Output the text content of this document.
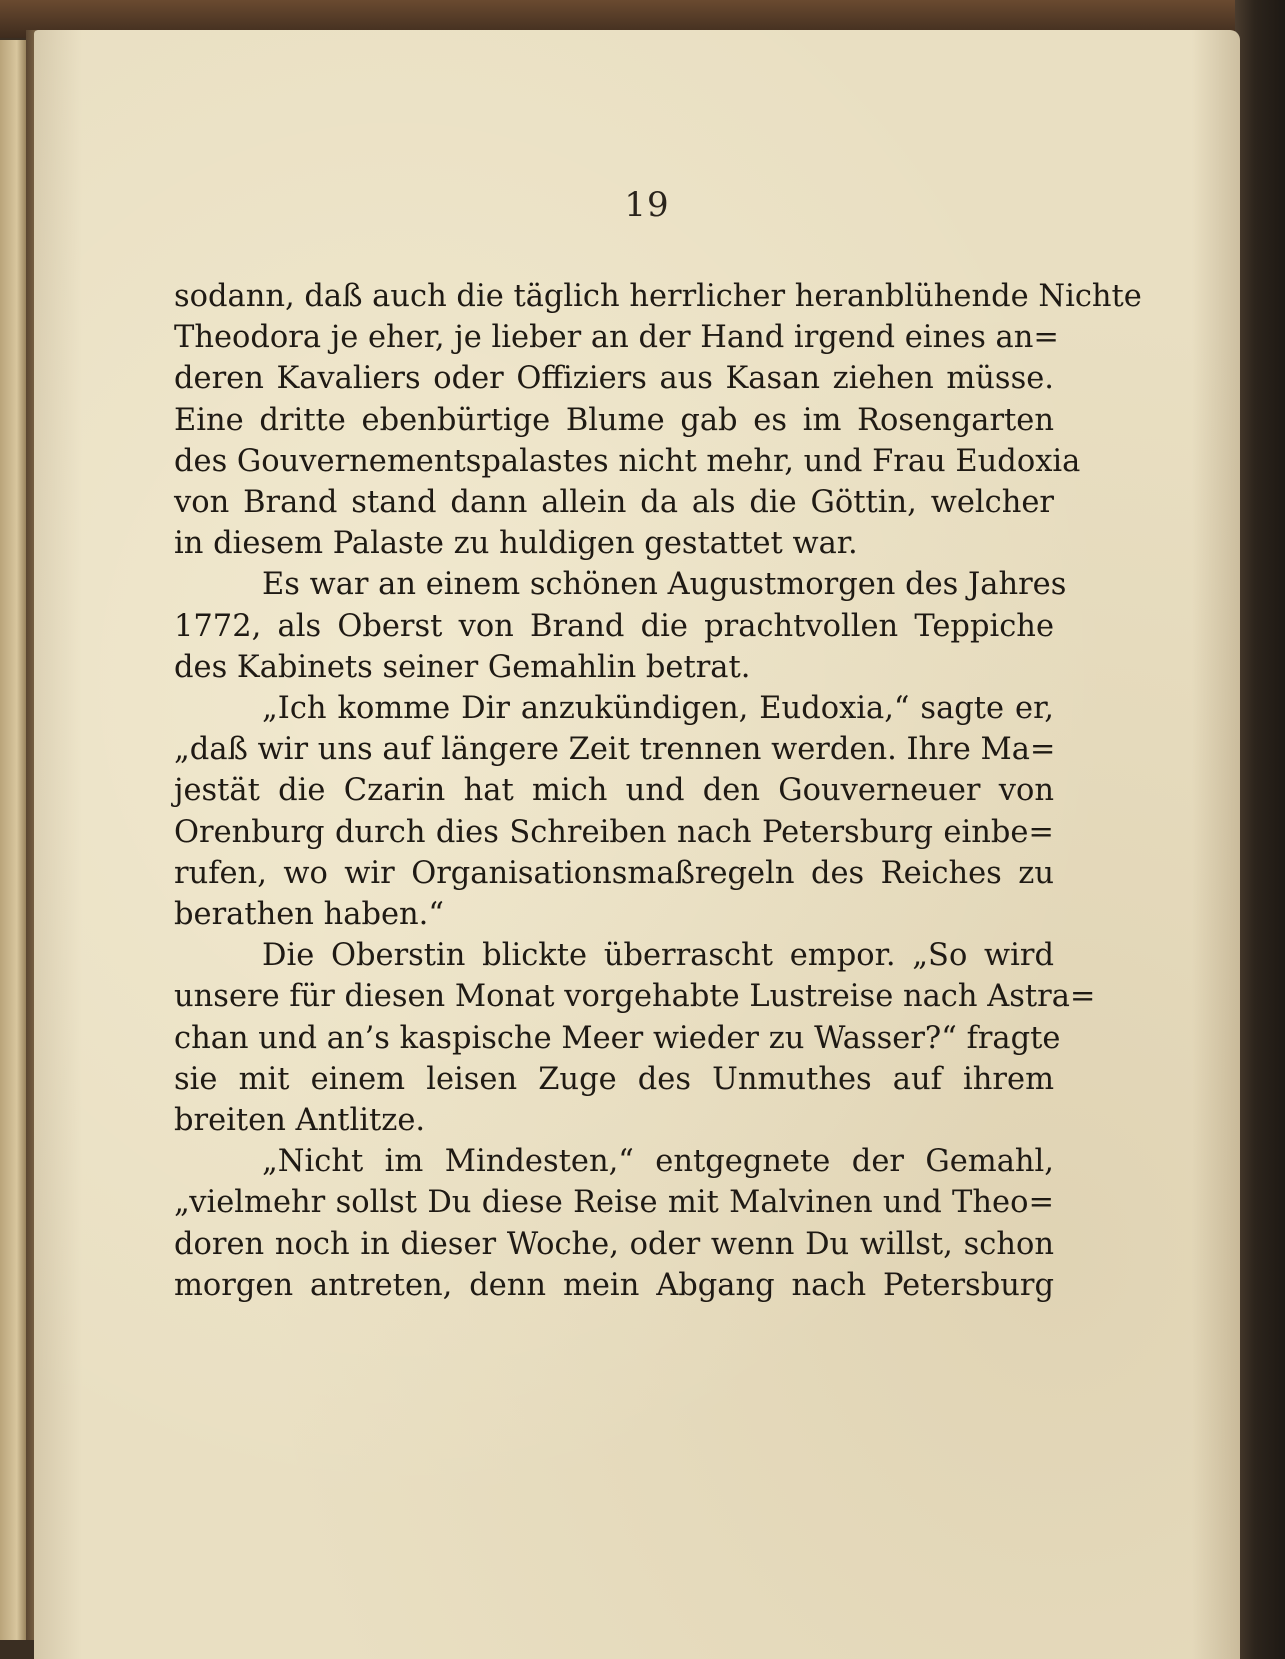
19
sodann, daß auch die täglich herrlicher heranblühende Nichte
Theodora je eher, je lieber an der Hand irgend eines an=
deren Kavaliers oder Offiziers aus Kasan ziehen müsse.
Eine dritte ebenbürtige Blume gab es im Rosengarten
des Gouvernementspalastes nicht mehr, und Frau Eudoxia
von Brand stand dann allein da als die Göttin, welcher
in diesem Palaste zu huldigen gestattet war.
Es war an einem schönen Augustmorgen des Jahres
1772, als Oberst von Brand die prachtvollen Teppiche
des Kabinets seiner Gemahlin betrat.
„Ich komme Dir anzukündigen, Eudoxia,“ sagte er,
„daß wir uns auf längere Zeit trennen werden. Ihre Ma=
jestät die Czarin hat mich und den Gouverneuer von
Orenburg durch dies Schreiben nach Petersburg einbe=
rufen, wo wir Organisationsmaßregeln des Reiches zu
berathen haben.“
Die Oberstin blickte überrascht empor. „So wird
unsere für diesen Monat vorgehabte Lustreise nach Astra=
chan und an’s kaspische Meer wieder zu Wasser?“ fragte
sie mit einem leisen Zuge des Unmuthes auf ihrem
breiten Antlitze.
„Nicht im Mindesten,“ entgegnete der Gemahl,
„vielmehr sollst Du diese Reise mit Malvinen und Theo=
doren noch in dieser Woche, oder wenn Du willst, schon
morgen antreten, denn mein Abgang nach Petersburg
